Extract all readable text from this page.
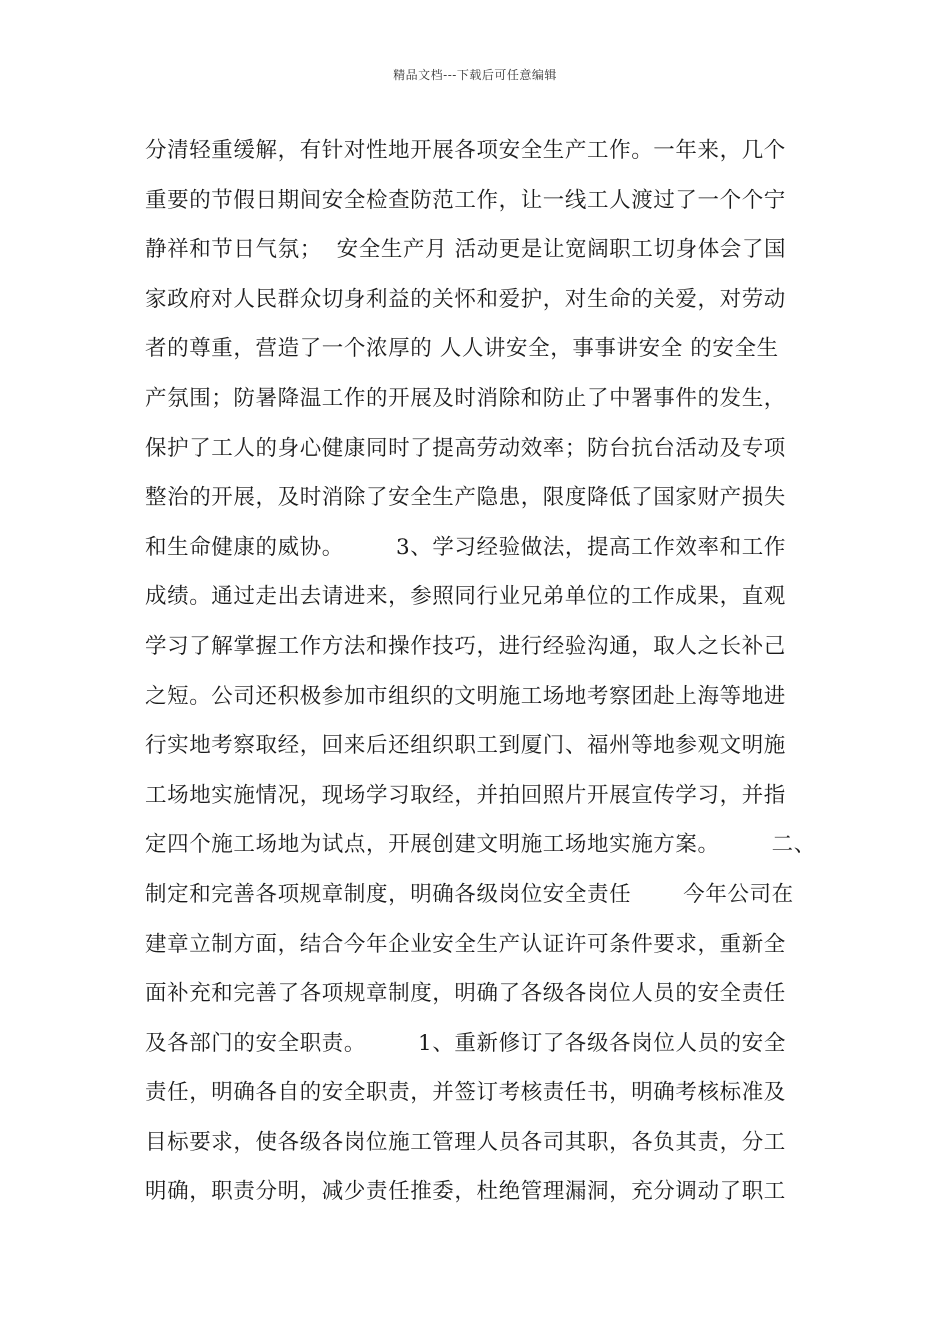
精品文档---下载后可任意编辑
分清轻重缓解，有针对性地开展各项安全生产工作。一年来，几个
重要的节假日期间安全检查防范工作，让一线工人渡过了一个个宁
静祥和节日气氛；  安全生产月 活动更是让宽阔职工切身体会了国
家政府对人民群众切身利益的关怀和爱护，对生命的关爱，对劳动
者的尊重，营造了一个浓厚的 人人讲安全，事事讲安全 的安全生
产氛围；防暑降温工作的开展及时消除和防止了中署事件的发生，
保护了工人的身心健康同时了提高劳动效率；防台抗台活动及专项
整治的开展，及时消除了安全生产隐患，限度降低了国家财产损失
和生命健康的威协。       3、学习经验做法，提高工作效率和工作
成绩。通过走出去请进来，参照同行业兄弟单位的工作成果，直观
学习了解掌握工作方法和操作技巧，进行经验沟通，取人之长补己
之短。公司还积极参加市组织的文明施工场地考察团赴上海等地进
行实地考察取经，回来后还组织职工到厦门、福州等地参观文明施
工场地实施情况，现场学习取经，并拍回照片开展宣传学习，并指
定四个施工场地为试点，开展创建文明施工场地实施方案。       二、
制定和完善各项规章制度，明确各级岗位安全责任       今年公司在
建章立制方面，结合今年企业安全生产认证许可条件要求，重新全
面补充和完善了各项规章制度，明确了各级各岗位人员的安全责任
及各部门的安全职责。       1、重新修订了各级各岗位人员的安全
责任，明确各自的安全职责，并签订考核责任书，明确考核标准及
目标要求，使各级各岗位施工管理人员各司其职，各负其责，分工
明确，职责分明，减少责任推委，杜绝管理漏洞，充分调动了职工
